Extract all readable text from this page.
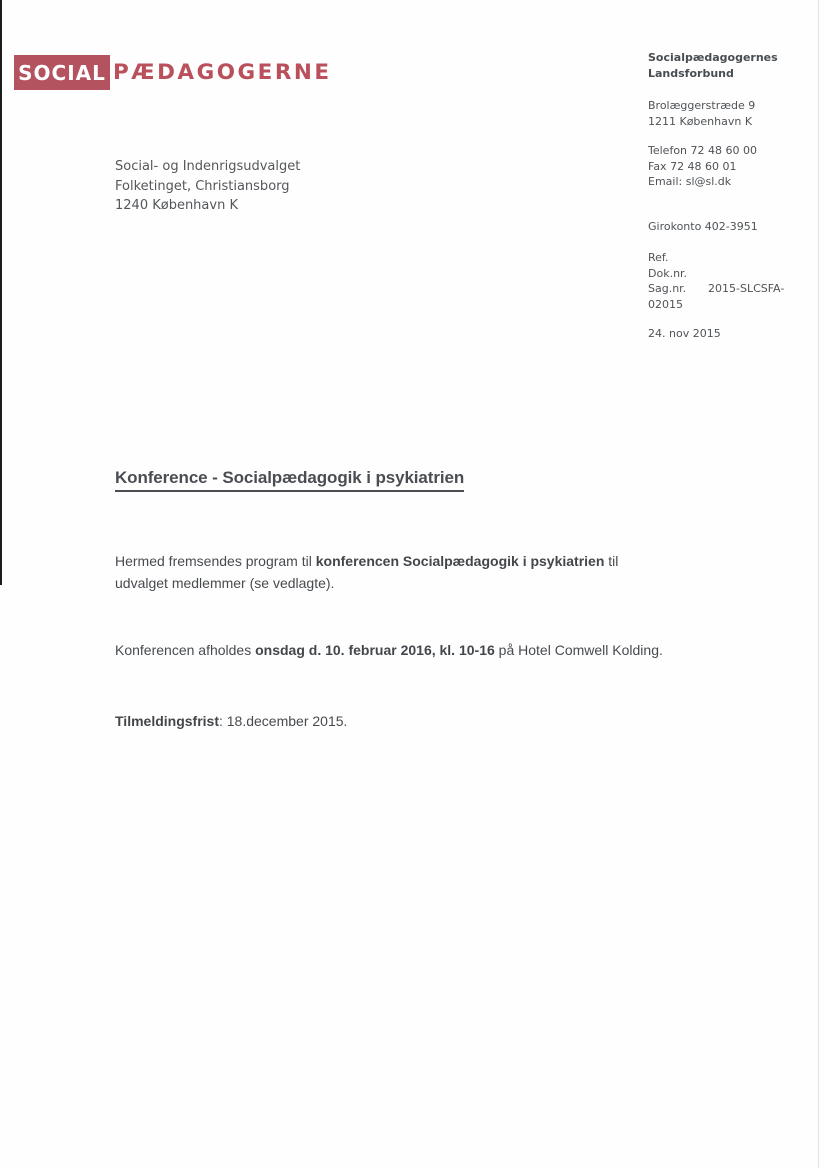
SOCIAL PÆDAGOGERNE
Social- og Indenrigsudvalget
Folketinget, Christiansborg
1240 København K
Socialpædagogernes
Landsforbund
Brolæggerstræde 9
1211 København K
Telefon 72 48 60 00
Fax 72 48 60 01
Email: sl@sl.dk
Girokonto 402-3951
Ref.
Dok.nr.
Sag.nr.	2015-SLCSFA-
02015
24. nov 2015
Konference - Socialpædagogik i psykiatrien

Hermed fremsendes program til konferencen Socialpædagogik i psykiatrien til udvalget medlemmer (se vedlagte).

Konferencen afholdes onsdag d. 10. februar 2016, kl. 10-16 på Hotel Comwell Kolding.

Tilmeldingsfrist: 18.december 2015.
